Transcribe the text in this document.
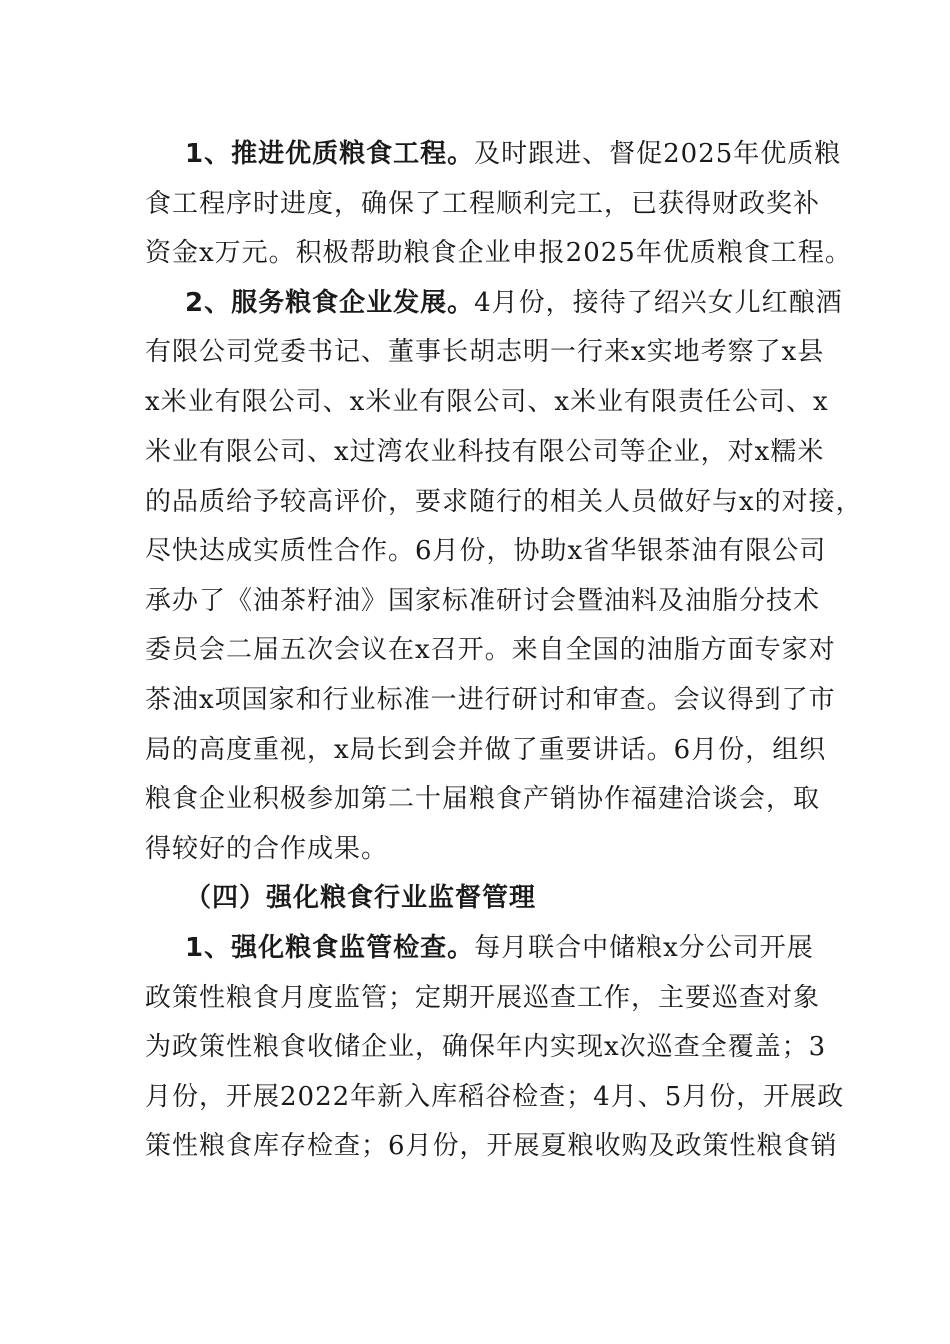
1、推进优质粮食工程。及时跟进、督促2025年优质粮
食工程序时进度，确保了工程顺利完工，已获得财政奖补
资金x万元。积极帮助粮食企业申报2025年优质粮食工程。
2、服务粮食企业发展。4月份，接待了绍兴女儿红酿酒
有限公司党委书记、董事长胡志明一行来x实地考察了x县
x米业有限公司、x米业有限公司、x米业有限责任公司、x
米业有限公司、x过湾农业科技有限公司等企业，对x糯米
的品质给予较高评价，要求随行的相关人员做好与x的对接，
尽快达成实质性合作。6月份，协助x省华银茶油有限公司
承办了《油茶籽油》国家标准研讨会暨油料及油脂分技术
委员会二届五次会议在x召开。来自全国的油脂方面专家对
茶油x项国家和行业标准一进行研讨和审查。会议得到了市
局的高度重视，x局长到会并做了重要讲话。6月份，组织
粮食企业积极参加第二十届粮食产销协作福建洽谈会，取
得较好的合作成果。
（四）强化粮食行业监督管理
1、强化粮食监管检查。每月联合中储粮x分公司开展
政策性粮食月度监管；定期开展巡查工作，主要巡查对象
为政策性粮食收储企业，确保年内实现x次巡查全覆盖；3
月份，开展2022年新入库稻谷检查；4月、5月份，开展政
策性粮食库存检查；6月份，开展夏粮收购及政策性粮食销
